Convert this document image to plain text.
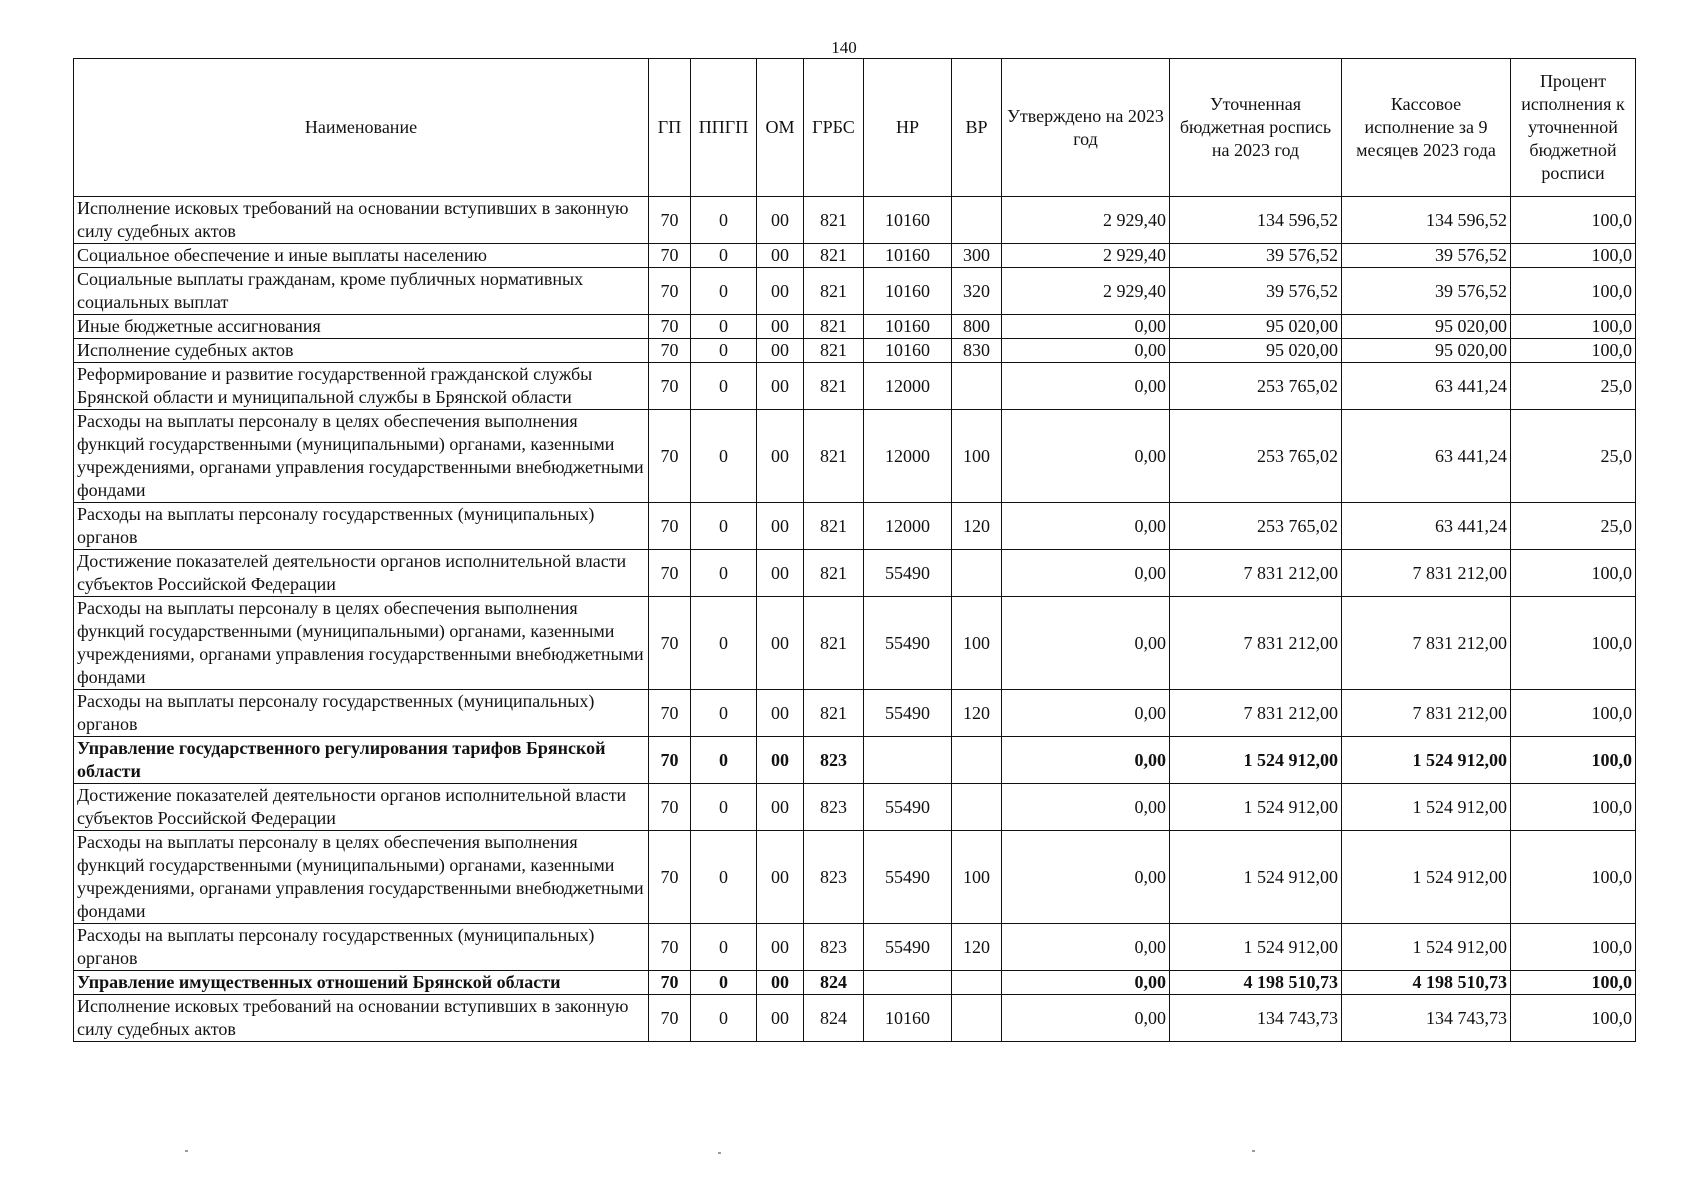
140
Наименование	ГП	ППГП	ОМ	ГРБС	НР	ВР	Утверждено на 2023 год	Уточненная бюджетная роспись на 2023 год	Кассовое исполнение за 9 месяцев 2023 года	Процент исполнения к уточненной бюджетной росписи
Исполнение исковых требований на основании вступивших в законную силу судебных актов	70	0	00	821	10160		2 929,40	134 596,52	134 596,52	100,0
Социальное обеспечение и иные выплаты населению	70	0	00	821	10160	300	2 929,40	39 576,52	39 576,52	100,0
Социальные выплаты гражданам, кроме публичных нормативных социальных выплат	70	0	00	821	10160	320	2 929,40	39 576,52	39 576,52	100,0
Иные бюджетные ассигнования	70	0	00	821	10160	800	0,00	95 020,00	95 020,00	100,0
Исполнение судебных актов	70	0	00	821	10160	830	0,00	95 020,00	95 020,00	100,0
Реформирование и развитие государственной гражданской службы Брянской области и муниципальной службы в Брянской области	70	0	00	821	12000		0,00	253 765,02	63 441,24	25,0
Расходы на выплаты персоналу в целях обеспечения выполнения функций государственными (муниципальными) органами, казенными учреждениями, органами управления государственными внебюджетными фондами	70	0	00	821	12000	100	0,00	253 765,02	63 441,24	25,0
Расходы на выплаты персоналу государственных (муниципальных) органов	70	0	00	821	12000	120	0,00	253 765,02	63 441,24	25,0
Достижение показателей деятельности органов исполнительной власти субъектов Российской Федерации	70	0	00	821	55490		0,00	7 831 212,00	7 831 212,00	100,0
Расходы на выплаты персоналу в целях обеспечения выполнения функций государственными (муниципальными) органами, казенными учреждениями, органами управления государственными внебюджетными фондами	70	0	00	821	55490	100	0,00	7 831 212,00	7 831 212,00	100,0
Расходы на выплаты персоналу государственных (муниципальных) органов	70	0	00	821	55490	120	0,00	7 831 212,00	7 831 212,00	100,0
Управление государственного регулирования тарифов Брянской области	70	0	00	823			0,00	1 524 912,00	1 524 912,00	100,0
Достижение показателей деятельности органов исполнительной власти субъектов Российской Федерации	70	0	00	823	55490		0,00	1 524 912,00	1 524 912,00	100,0
Расходы на выплаты персоналу в целях обеспечения выполнения функций государственными (муниципальными) органами, казенными учреждениями, органами управления государственными внебюджетными фондами	70	0	00	823	55490	100	0,00	1 524 912,00	1 524 912,00	100,0
Расходы на выплаты персоналу государственных (муниципальных) органов	70	0	00	823	55490	120	0,00	1 524 912,00	1 524 912,00	100,0
Управление имущественных отношений Брянской области	70	0	00	824			0,00	4 198 510,73	4 198 510,73	100,0
Исполнение исковых требований на основании вступивших в законную силу судебных актов	70	0	00	824	10160		0,00	134 743,73	134 743,73	100,0
